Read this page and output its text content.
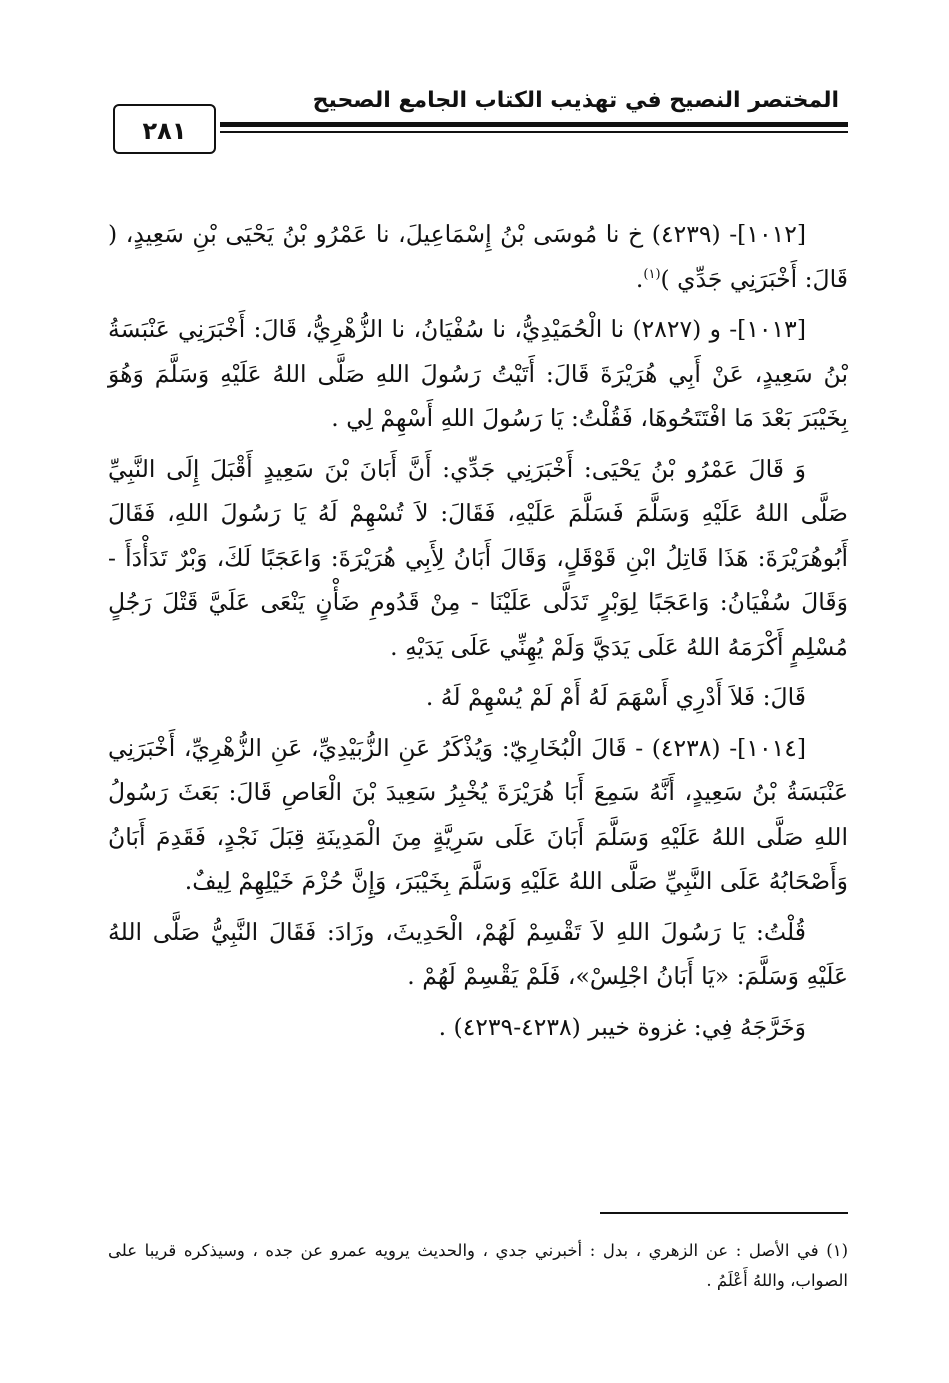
المختصر النصيح في تهذيب الكتاب الجامع الصحيح
٢٨١

[١٠١٢]- (٤٢٣٩) خ نا مُوسَى بْنُ إِسْمَاعِيلَ، نا عَمْرُو بْنُ يَحْيَى بْنِ سَعِيدٍ، ( قَالَ: أَخْبَرَنِي جَدِّي )$^{(١)}$.

[١٠١٣]- و (٢٨٢٧) نا الْحُمَيْدِيُّ، نا سُفْيَانُ، نا الزُّهْرِيُّ، قَالَ: أَخْبَرَنِي عَنْبَسَةُ بْنُ سَعِيدٍ، عَنْ أَبِي هُرَيْرَةَ قَالَ: أَتَيْتُ رَسُولَ اللهِ صَلَّى اللهُ عَلَيْهِ وَسَلَّمَ وَهُوَ بِخَيْبَرَ بَعْدَ مَا افْتَتَحُوهَا، فَقُلْتُ: يَا رَسُولَ اللهِ أَسْهِمْ لِي .

وَ قَالَ عَمْرُو بْنُ يَحْيَى: أَخْبَرَنِي جَدِّي: أَنَّ أَبَانَ بْنَ سَعِيدٍ أَقْبَلَ إِلَى النَّبِيِّ صَلَّى اللهُ عَلَيْهِ وَسَلَّمَ فَسَلَّمَ عَلَيْهِ، فَقَالَ: لاَ تُسْهِمْ لَهُ يَا رَسُولَ اللهِ، فَقَالَ أَبُوهُرَيْرَةَ: هَذَا قَاتِلُ ابْنِ قَوْقَلٍ، وَقَالَ أَبَانُ لِأَبِي هُرَيْرَةَ: وَاعَجَبًا لَكَ، وَبْرٌ تَدَأْدَأَ - وَقَالَ سُفْيَانُ: وَاعَجَبًا لِوَبْرٍ تَدَلَّى عَلَيْنَا - مِنْ قَدُومِ ضَأْنٍ يَنْعَى عَلَيَّ قَتْلَ رَجُلٍ مُسْلِمٍ أَكْرَمَهُ اللهُ عَلَى يَدَيَّ وَلَمْ يُهِنِّي عَلَى يَدَيْهِ .

قَالَ: فَلاَ أَدْرِي أَسْهَمَ لَهُ أَمْ لَمْ يُسْهِمْ لَهُ .

[١٠١٤]- (٤٢٣٨) - قَالَ الْبُخَارِيّ: وَيُذْكَرُ عَنِ الزُّبَيْدِيِّ، عَنِ الزُّهْرِيِّ، أَخْبَرَنِي عَنْبَسَةُ بْنُ سَعِيدٍ، أَنَّهُ سَمِعَ أَبَا هُرَيْرَةَ يُخْبِرُ سَعِيدَ بْنَ الْعَاصِ قَالَ: بَعَثَ رَسُولُ اللهِ صَلَّى اللهُ عَلَيْهِ وَسَلَّمَ أَبَانَ عَلَى سَرِيَّةٍ مِنَ الْمَدِينَةِ قِبَلَ نَجْدٍ، فَقَدِمَ أَبَانُ وَأَصْحَابُهُ عَلَى النَّبِيِّ صَلَّى اللهُ عَلَيْهِ وَسَلَّمَ بِخَيْبَرَ، وَإِنَّ حُزْمَ خَيْلِهِمْ لِيفٌ.

قُلْتُ: يَا رَسُولَ اللهِ لاَ تَقْسِمْ لَهُمْ، الْحَدِيثَ، وزَادَ: فَقَالَ النَّبِيُّ صَلَّى اللهُ عَلَيْهِ وَسَلَّمَ: «يَا أَبَانُ اجْلِسْ»، فَلَمْ يَقْسِمْ لَهُمْ .

وَخَرَّجَهُ فِي: غزوة خيبر (٤٢٣٨-٤٢٣٩) .

(١) في الأصل : عن الزهري ، بدل : أخبرني جدي ، والحديث يرويه عمرو عن جده ، وسيذكره قريبا على الصواب، واللهُ أَعْلَمُ .
